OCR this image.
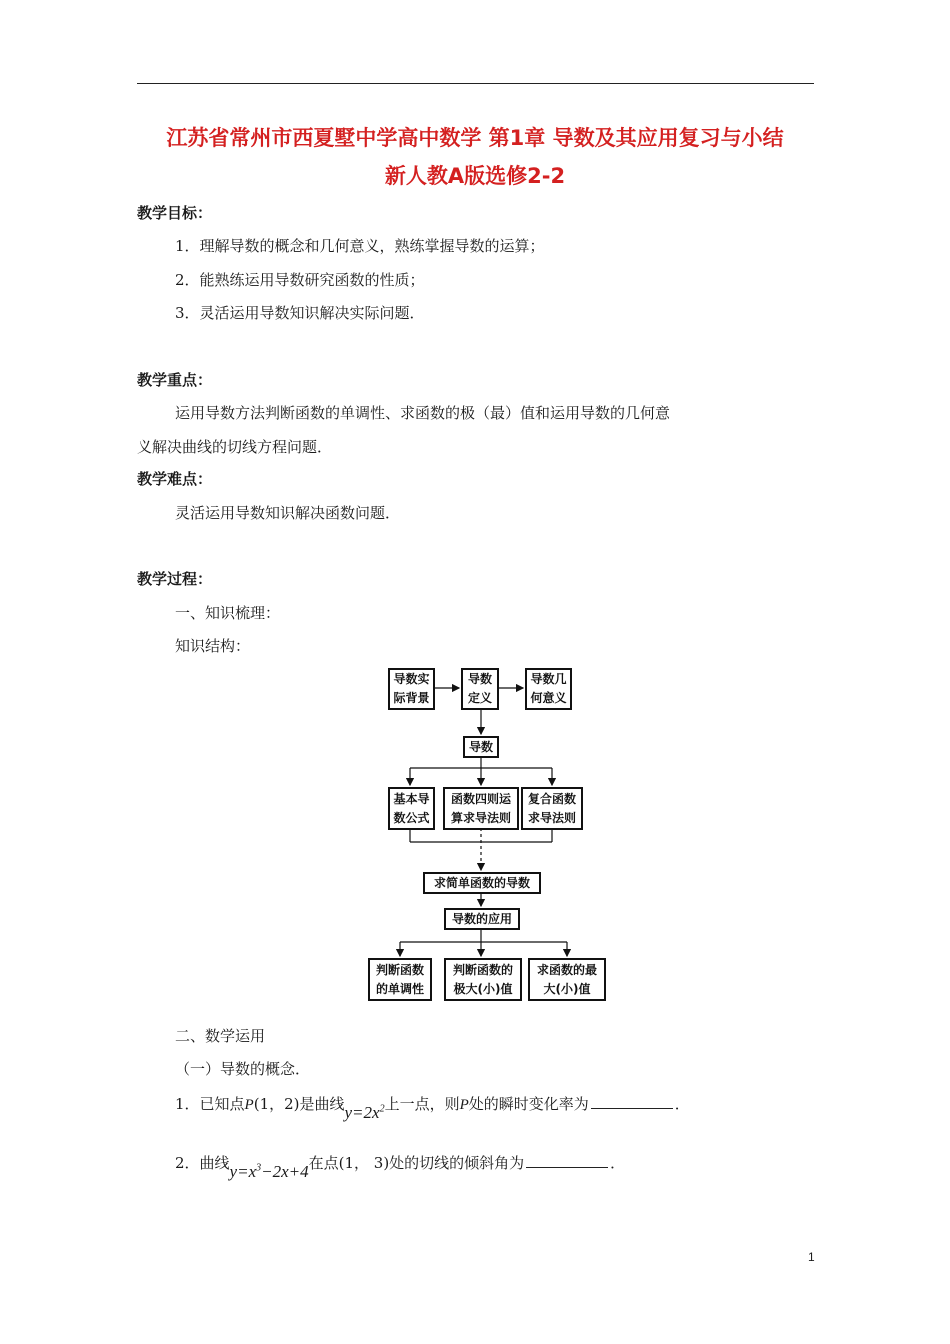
江苏省常州市西夏墅中学高中数学 第1章 导数及其应用复习与小结
新人教A版选修2-2
教学目标：
1．理解导数的概念和几何意义，熟练掌握导数的运算；
2．能熟练运用导数研究函数的性质；
3．灵活运用导数知识解决实际问题．
教学重点：
运用导数方法判断函数的单调性、求函数的极（最）值和运用导数的几何意
义解决曲线的切线方程问题．
教学难点：
灵活运用导数知识解决函数问题．
教学过程：
一、知识梳理：
知识结构：
导数实
际背景
导数
定义
导数几
何意义
导数
基本导
数公式
函数四则运
算求导法则
复合函数
求导法则
求简单函数的导数
导数的应用
判断函数
的单调性
判断函数的
极大(小)值
求函数的最
大(小)值
二、数学运用
（一）导数的概念．
1．已知点P(1，2)是曲线$y=2x^2$上一点，则P处的瞬时变化率为	．
2．曲线$y=x^3-2x+4$在点(1， 3)处的切线的倾斜角为	．
1
